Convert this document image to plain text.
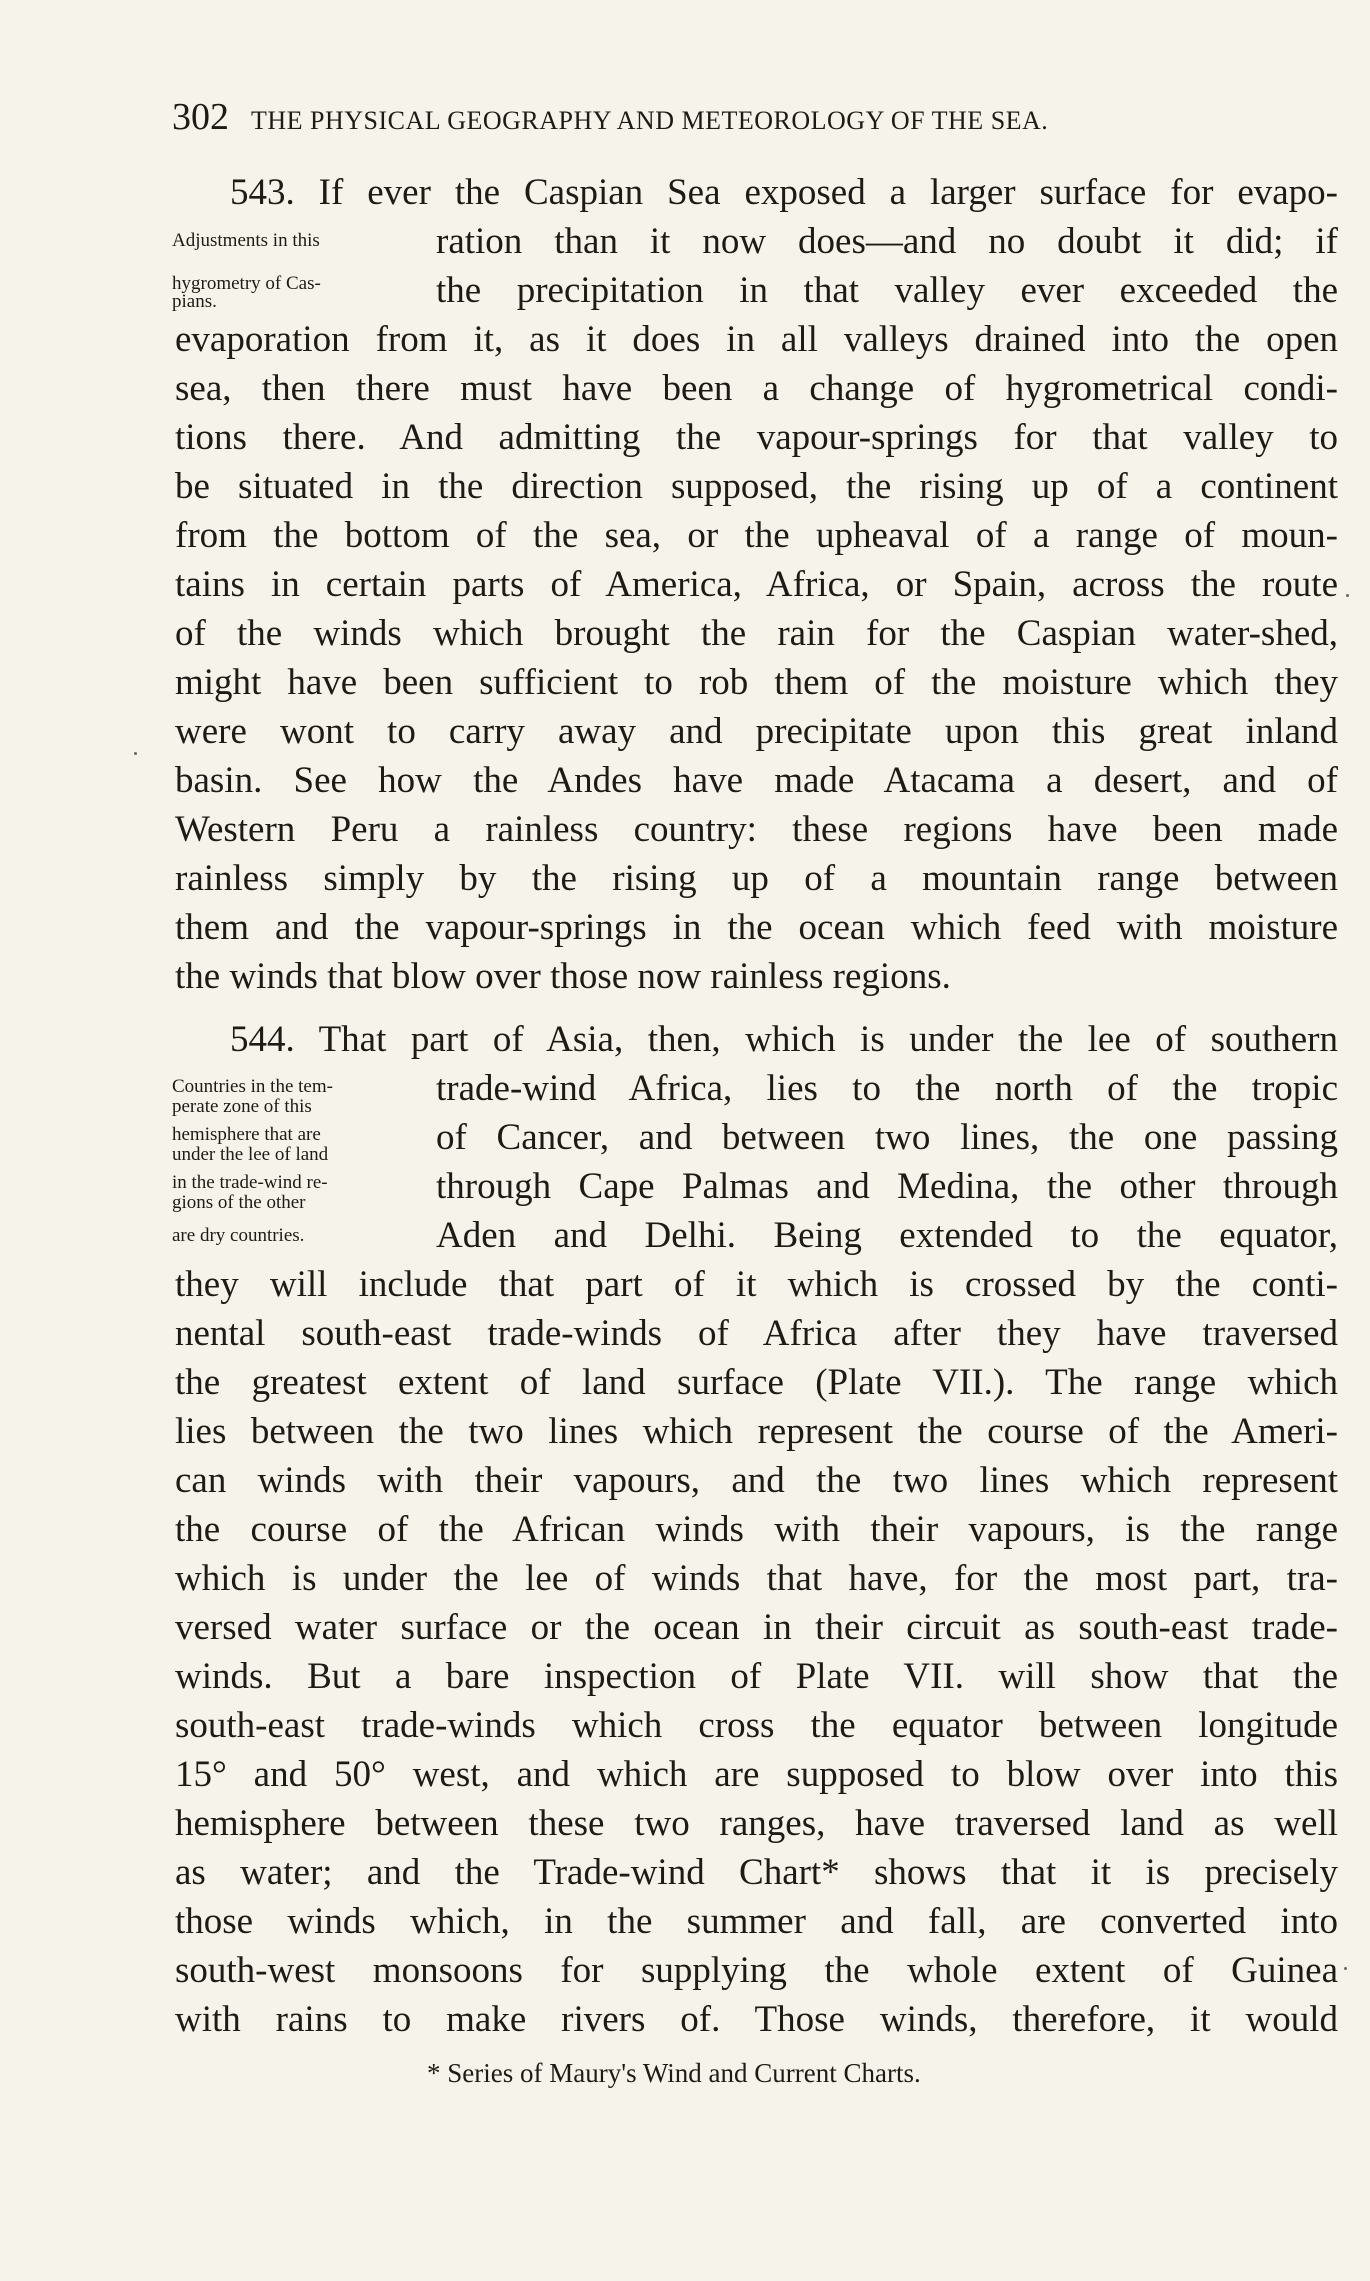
302 THE PHYSICAL GEOGRAPHY AND METEOROLOGY OF THE SEA.
Adjustments in this
hygrometry of Cas-
pians.
Countries in the tem-
perate zone of this
hemisphere that are
under the lee of land
in the trade-wind re-
gions of the other
are dry countries.
543. If ever the Caspian Sea exposed a larger surface for evapo-
ration than it now does—and no doubt it did; if
the precipitation in that valley ever exceeded the
evaporation from it, as it does in all valleys drained into the open
sea, then there must have been a change of hygrometrical condi-
tions there. And admitting the vapour-springs for that valley to
be situated in the direction supposed, the rising up of a continent
from the bottom of the sea, or the upheaval of a range of moun-
tains in certain parts of America, Africa, or Spain, across the route
of the winds which brought the rain for the Caspian water-shed,
might have been sufficient to rob them of the moisture which they
were wont to carry away and precipitate upon this great inland
basin. See how the Andes have made Atacama a desert, and of
Western Peru a rainless country: these regions have been made
rainless simply by the rising up of a mountain range between
them and the vapour-springs in the ocean which feed with moisture
the winds that blow over those now rainless regions.
544. That part of Asia, then, which is under the lee of southern
trade-wind Africa, lies to the north of the tropic
of Cancer, and between two lines, the one passing
through Cape Palmas and Medina, the other through
Aden and Delhi. Being extended to the equator,
they will include that part of it which is crossed by the conti-
nental south-east trade-winds of Africa after they have traversed
the greatest extent of land surface (Plate VII.). The range which
lies between the two lines which represent the course of the Ameri-
can winds with their vapours, and the two lines which represent
the course of the African winds with their vapours, is the range
which is under the lee of winds that have, for the most part, tra-
versed water surface or the ocean in their circuit as south-east trade-
winds. But a bare inspection of Plate VII. will show that the
south-east trade-winds which cross the equator between longitude
15° and 50° west, and which are supposed to blow over into this
hemisphere between these two ranges, have traversed land as well
as water; and the Trade-wind Chart* shows that it is precisely
those winds which, in the summer and fall, are converted into
south-west monsoons for supplying the whole extent of Guinea
with rains to make rivers of. Those winds, therefore, it would
* Series of Maury's Wind and Current Charts.
